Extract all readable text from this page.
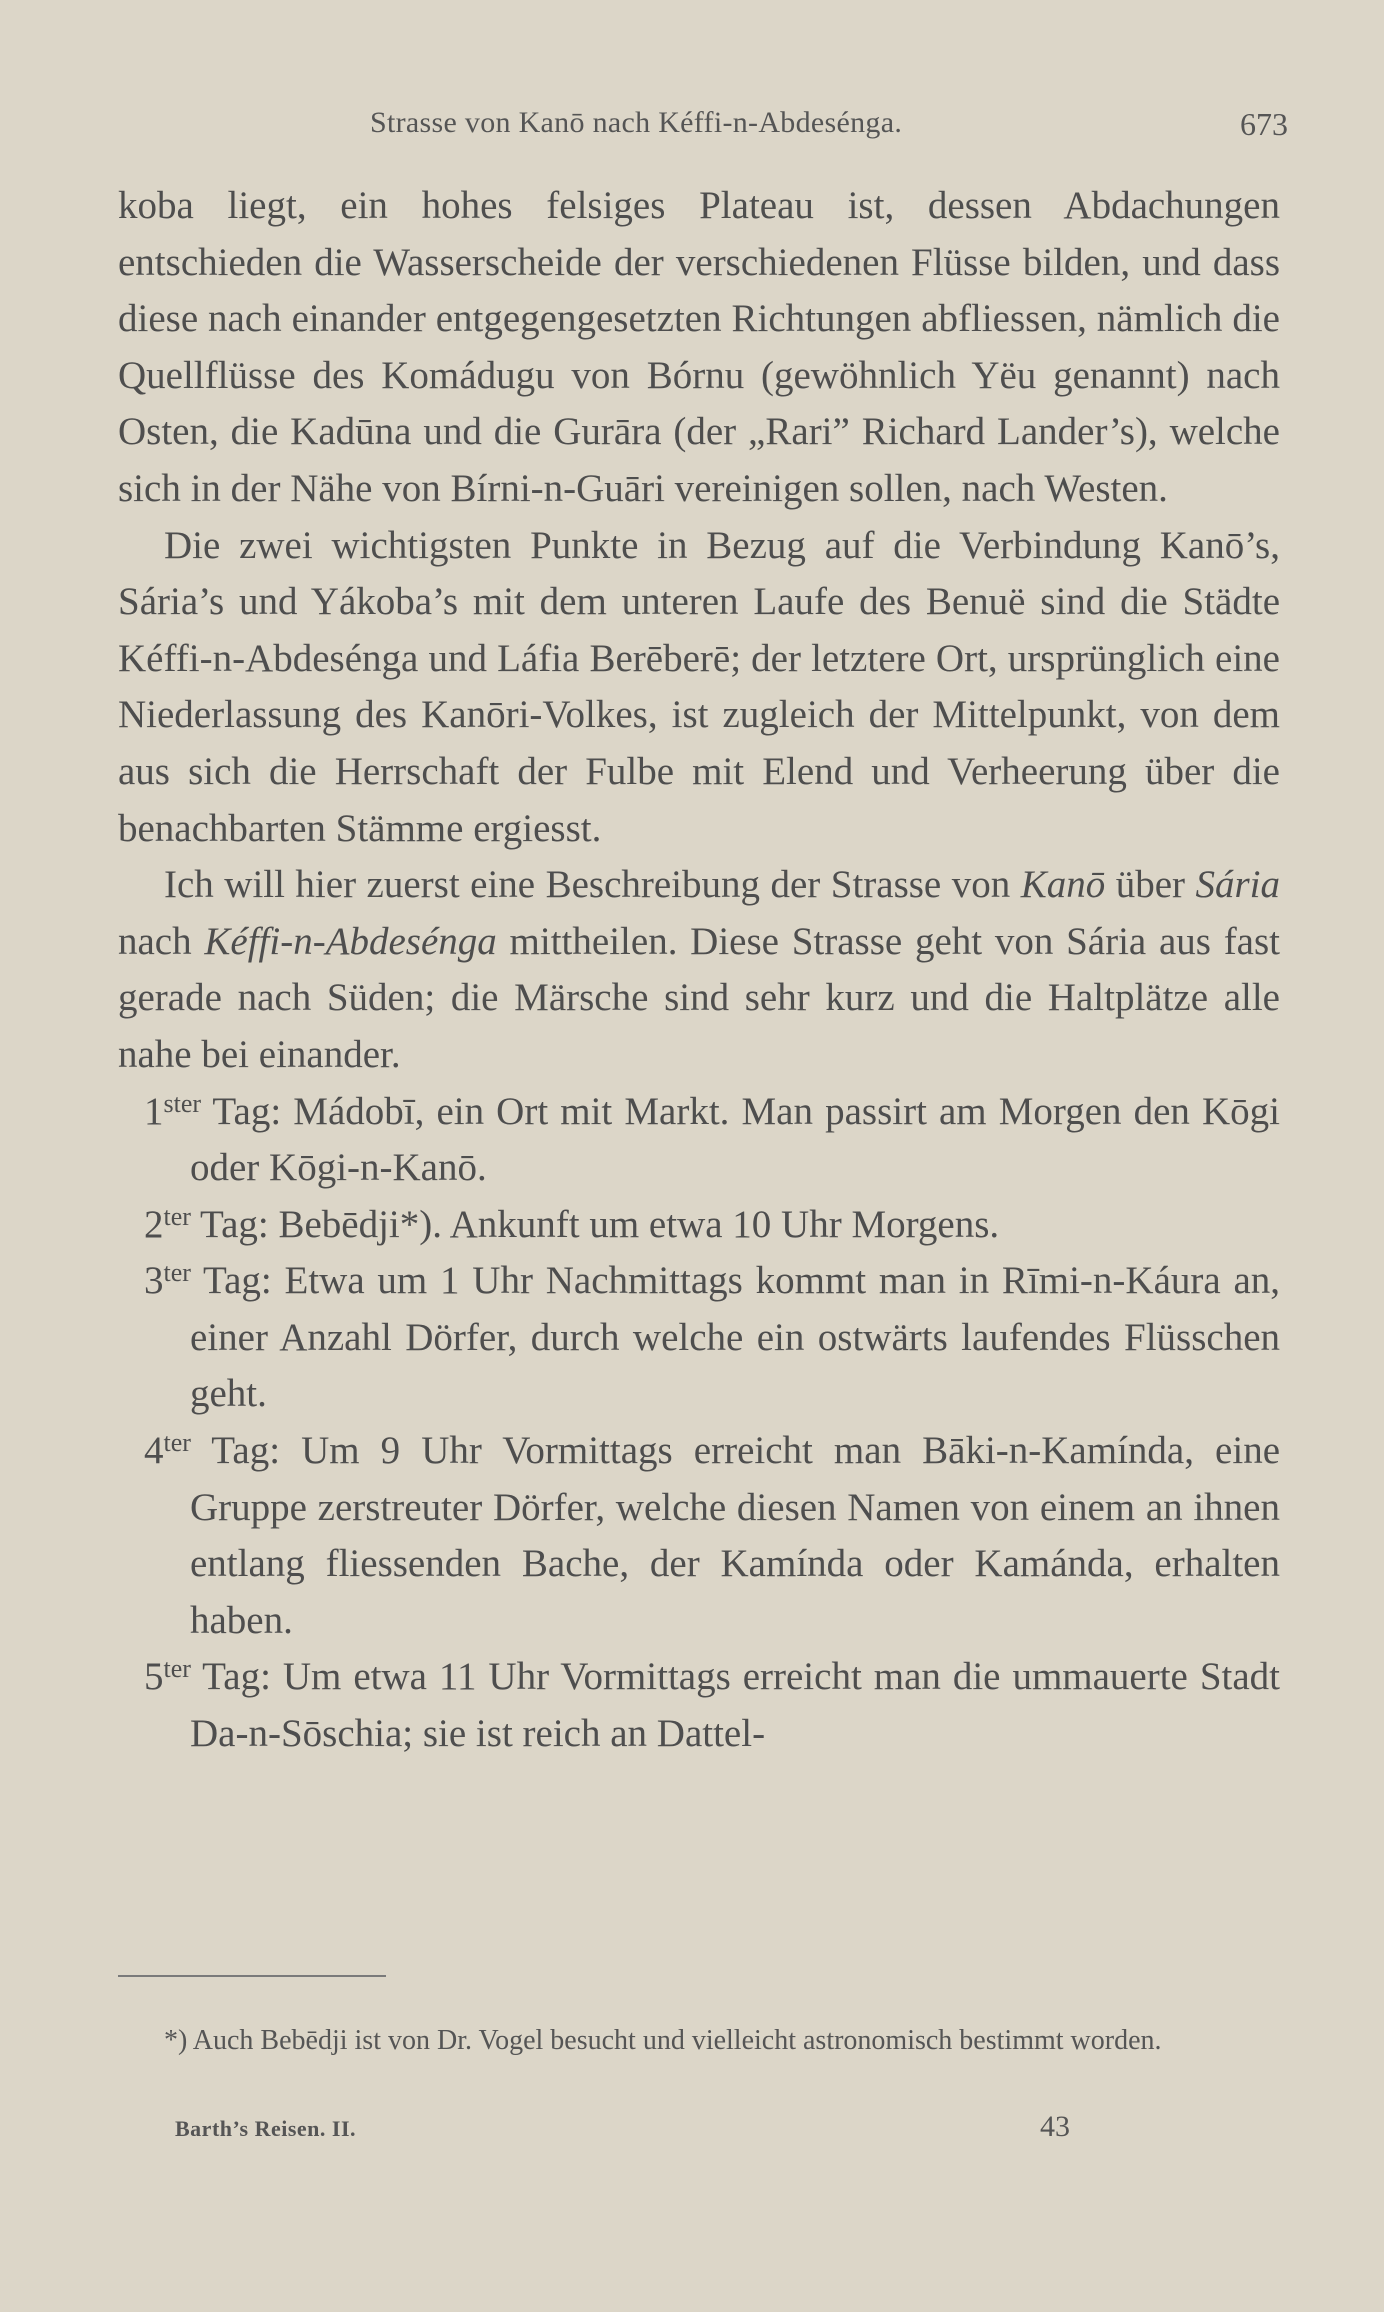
Strasse von Kanō nach Kéffi-n-Abdesénga.	673

koba liegt, ein hohes felsiges Plateau ist, dessen Abdachungen entschieden die Wasserscheide der verschiedenen Flüsse bilden, und dass diese nach einander entgegengesetzten Richtungen abfliessen, nämlich die Quellflüsse des Komádugu von Bórnu (gewöhnlich Yëu genannt) nach Osten, die Kadūna und die Gurāra (der „Rari” Richard Lander’s), welche sich in der Nähe von Bírni-n-Guāri vereinigen sollen, nach Westen.

Die zwei wichtigsten Punkte in Bezug auf die Verbindung Kanō’s, Sária’s und Yákoba’s mit dem unteren Laufe des Benuë sind die Städte Kéffi-n-Abdesénga und Láfia Berēberē; der letztere Ort, ursprünglich eine Niederlassung des Kanōri-Volkes, ist zugleich der Mittelpunkt, von dem aus sich die Herrschaft der Fulbe mit Elend und Verheerung über die benachbarten Stämme ergiesst.

Ich will hier zuerst eine Beschreibung der Strasse von Kanō über Sária nach Kéffi-n-Abdesénga mittheilen. Diese Strasse geht von Sária aus fast gerade nach Süden; die Märsche sind sehr kurz und die Haltplätze alle nahe bei einander.

$1^{ster}$ Tag: Mádobī, ein Ort mit Markt. Man passirt am Morgen den Kōgi oder Kōgi-n-Kanō.

$2^{ter}$ Tag: Bebēdji*). Ankunft um etwa 10 Uhr Morgens.

$3^{ter}$ Tag: Etwa um 1 Uhr Nachmittags kommt man in Rīmi-n-Káura an, einer Anzahl Dörfer, durch welche ein ostwärts laufendes Flüsschen geht.

$4^{ter}$ Tag: Um 9 Uhr Vormittags erreicht man Bāki-n-Kamínda, eine Gruppe zerstreuter Dörfer, welche diesen Namen von einem an ihnen entlang fliessenden Bache, der Kamínda oder Kamánda, erhalten haben.

$5^{ter}$ Tag: Um etwa 11 Uhr Vormittags erreicht man die ummauerte Stadt Da-n-Sōschia; sie ist reich an Dattel-

*) Auch Bebēdji ist von Dr. Vogel besucht und vielleicht astronomisch bestimmt worden.

Barth’s Reisen. II.	43
